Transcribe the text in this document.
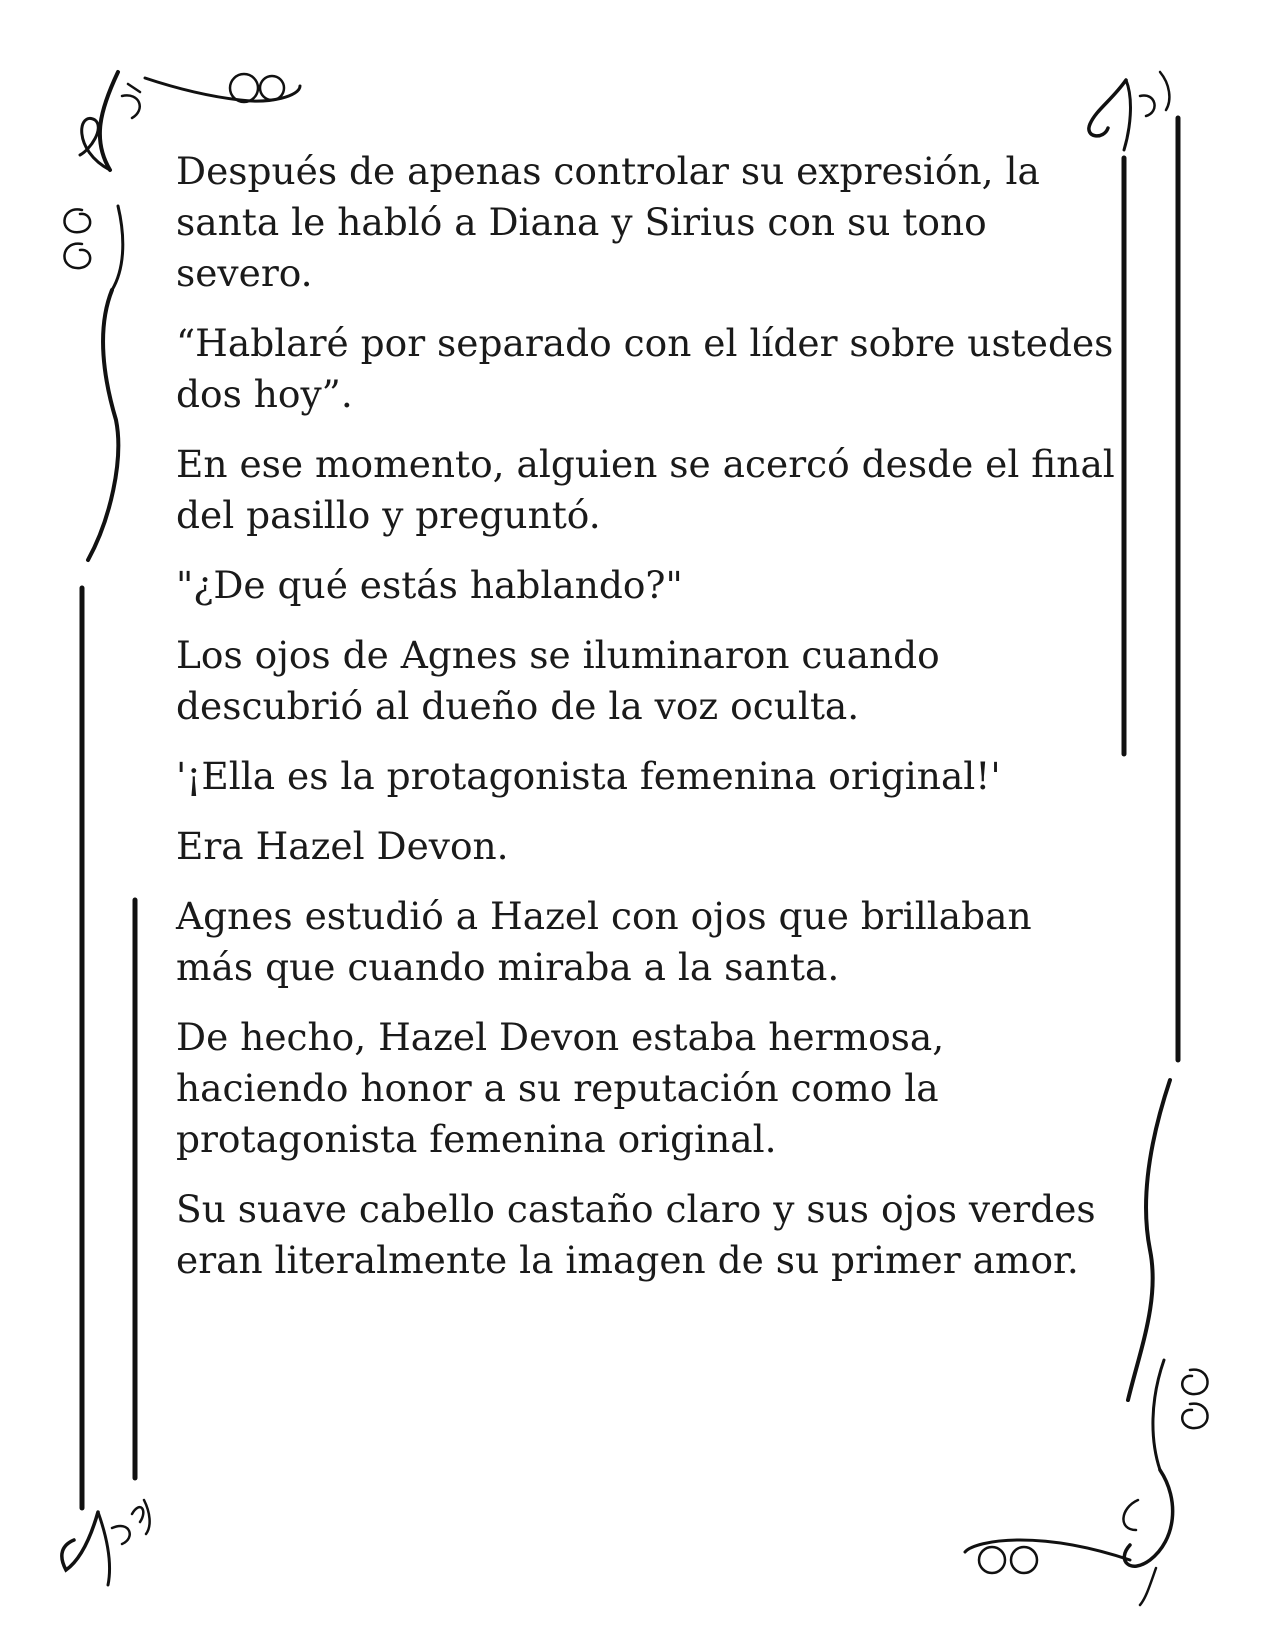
Después de apenas controlar su expresión, la santa le habló a Diana y Sirius con su tono severo.

“Hablaré por separado con el líder sobre ustedes dos hoy”.

En ese momento, alguien se acercó desde el final del pasillo y preguntó.

"¿De qué estás hablando?"

Los ojos de Agnes se iluminaron cuando descubrió al dueño de la voz oculta.

'¡Ella es la protagonista femenina original!'

Era Hazel Devon.

Agnes estudió a Hazel con ojos que brillaban más que cuando miraba a la santa.

De hecho, Hazel Devon estaba hermosa, haciendo honor a su reputación como la protagonista femenina original.

Su suave cabello castaño claro y sus ojos verdes eran literalmente la imagen de su primer amor.
